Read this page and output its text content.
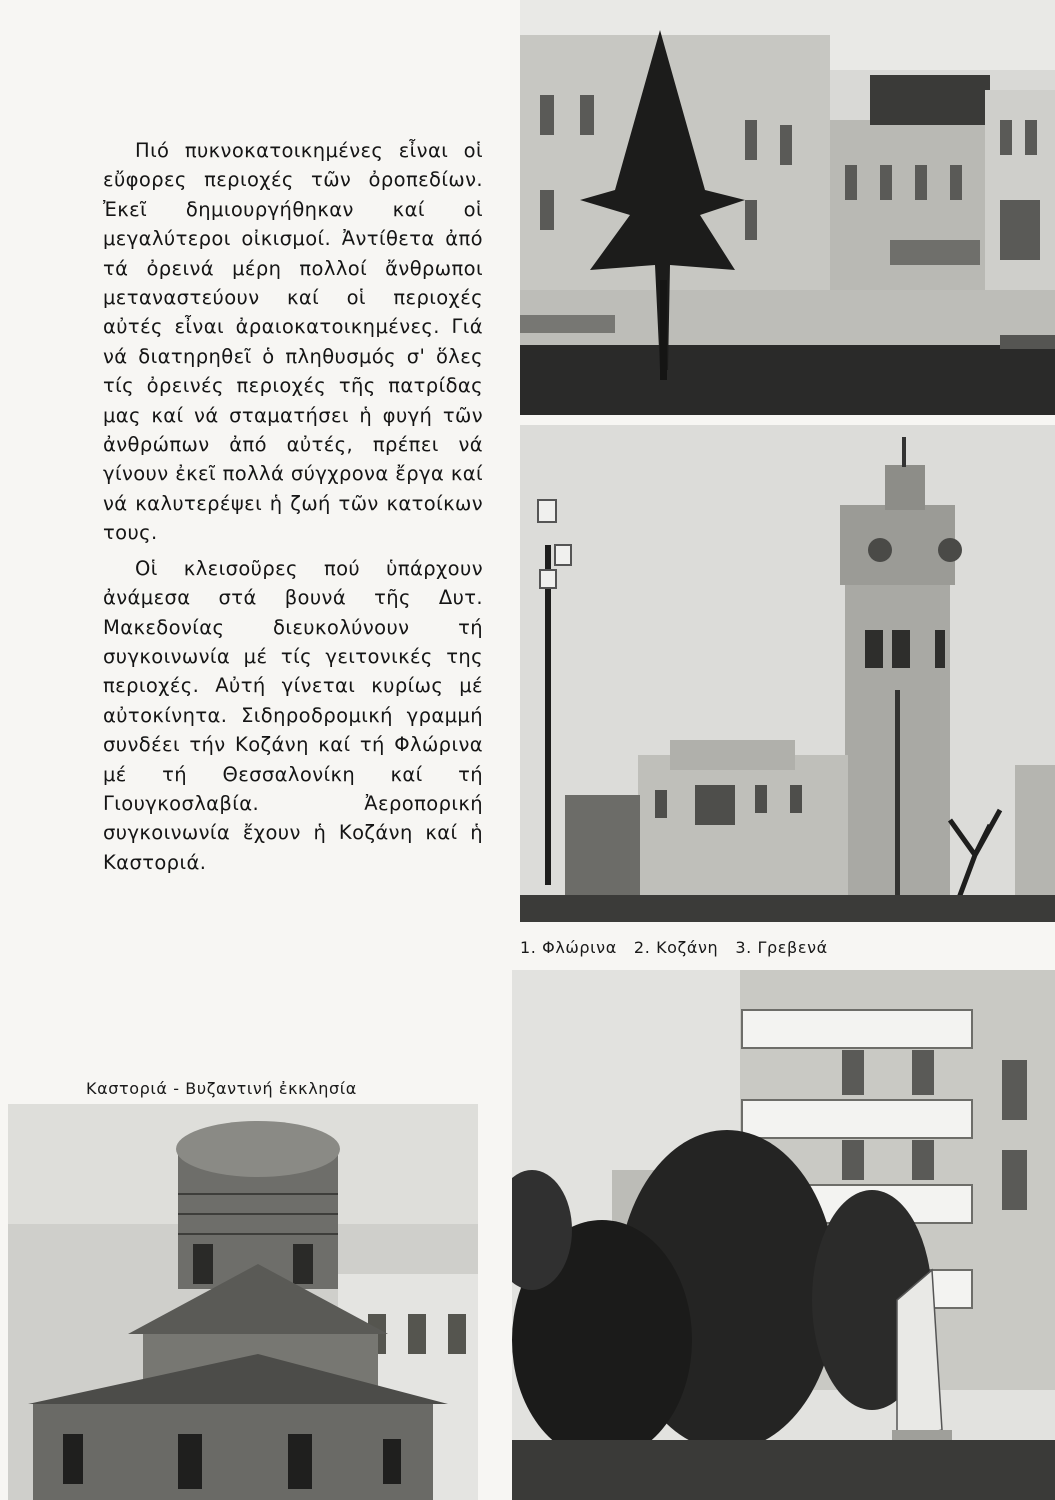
Πιό πυκνοκατοικημένες εἶναι οἱ εὔφορες περιοχές τῶν ὀροπεδίων. Ἐκεῖ δημιουργήθηκαν καί οἱ μεγαλύτεροι οἰκισμοί. Ἀντίθετα ἀπό τά ὀρεινά μέρη πολλοί ἄνθρωποι μεταναστεύουν καί οἱ περιοχές αὐτές εἶναι ἀραιοκατοικημένες. Γιά νά διατηρηθεῖ ὁ πληθυσμός σ' ὅλες τίς ὀρεινές περιοχές τῆς πατρίδας μας καί νά σταματήσει ἡ φυγή τῶν ἀνθρώπων ἀπό αὐτές, πρέπει νά γίνουν ἐκεῖ πολλά σύγχρονα ἔργα καί νά καλυτερέψει ἡ ζωή τῶν κατοίκων τους.

Οἱ κλεισοῦρες πού ὑπάρχουν ἀνάμεσα στά βουνά τῆς Δυτ. Μακεδονίας διευκολύνουν τή συγκοινωνία μέ τίς γειτονικές της περιοχές. Αὐτή γίνεται κυρίως μέ αὐτοκίνητα. Σιδηροδρομική γραμμή συνδέει τήν Κοζάνη καί τή Φλώρινα μέ τή Θεσσαλονίκη καί τή Γιουγκοσλαβία. Ἀεροπορική συγκοινωνία ἔχουν ἡ Κοζάνη καί ἡ Καστοριά.

Καστοριά - Βυζαντινή ἐκκλησία
1. Φλώρινα   2. Κοζάνη   3. Γρεβενά
